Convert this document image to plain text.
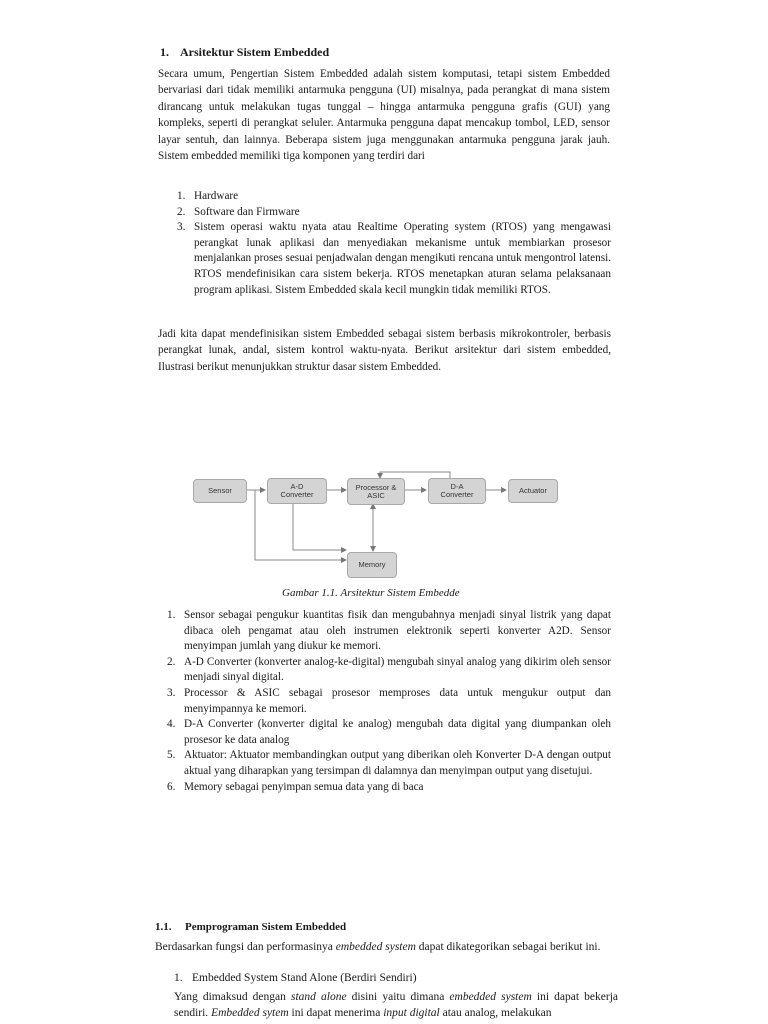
1. Arsitektur Sistem Embedded
Secara umum, Pengertian Sistem Embedded adalah sistem komputasi, tetapi sistem Embedded bervariasi dari tidak memiliki antarmuka pengguna (UI) misalnya, pada perangkat di mana sistem dirancang untuk melakukan tugas tunggal – hingga antarmuka pengguna grafis (GUI) yang kompleks, seperti di perangkat seluler. Antarmuka pengguna dapat mencakup tombol, LED, sensor layar sentuh, dan lainnya. Beberapa sistem juga menggunakan antarmuka pengguna jarak jauh. Sistem embedded memiliki tiga komponen yang terdiri dari
1. Hardware
2. Software dan Firmware
3. Sistem operasi waktu nyata atau Realtime Operating system (RTOS) yang mengawasi perangkat lunak aplikasi dan menyediakan mekanisme untuk membiarkan prosesor menjalankan proses sesuai penjadwalan dengan mengikuti rencana untuk mengontrol latensi. RTOS mendefinisikan cara sistem bekerja. RTOS menetapkan aturan selama pelaksanaan program aplikasi. Sistem Embedded skala kecil mungkin tidak memiliki RTOS.
Jadi kita dapat mendefinisikan sistem Embedded sebagai sistem berbasis mikrokontroler, berbasis perangkat lunak, andal, sistem kontrol waktu-nyata. Berikut arsitektur dari sistem embedded, Ilustrasi berikut menunjukkan struktur dasar sistem Embedded.
Sensor	A-D
Converter
Processor &
ASIC
D-A
Converter	Actuator
Memory
Gambar 1.1. Arsitektur Sistem Embedde
1. Sensor sebagai pengukur kuantitas fisik dan mengubahnya menjadi sinyal listrik yang dapat dibaca oleh pengamat atau oleh instrumen elektronik seperti konverter A2D. Sensor menyimpan jumlah yang diukur ke memori.
2. A-D Converter (konverter analog-ke-digital) mengubah sinyal analog yang dikirim oleh sensor menjadi sinyal digital.
3. Processor & ASIC sebagai prosesor memproses data untuk mengukur output dan menyimpannya ke memori.
4. D-A Converter (konverter digital ke analog) mengubah data digital yang diumpankan oleh prosesor ke data analog
5. Aktuator: Aktuator membandingkan output yang diberikan oleh Konverter D-A dengan output aktual yang diharapkan yang tersimpan di dalamnya dan menyimpan output yang disetujui.
6. Memory sebagai penyimpan semua data yang di baca
1.1. Pemprograman Sistem Embedded
Berdasarkan fungsi dan performasinya embedded system dapat dikategorikan sebagai berikut ini.
1. Embedded System Stand Alone (Berdiri Sendiri)
Yang dimaksud dengan stand alone disini yaitu dimana embedded system ini dapat bekerja sendiri. Embedded sytem ini dapat menerima input digital atau analog, melakukan
